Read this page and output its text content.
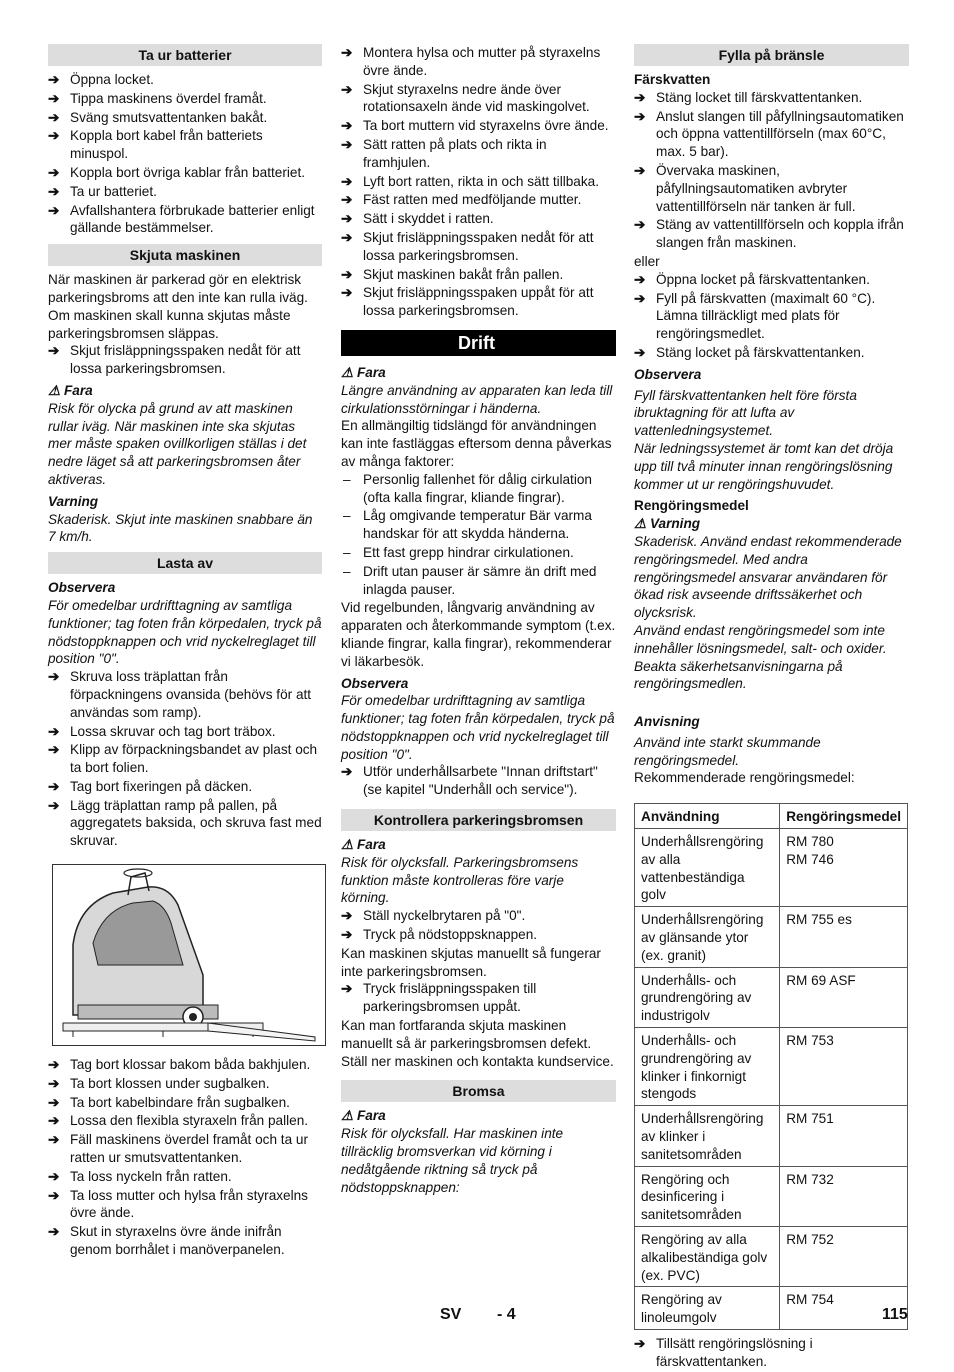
Ta ur batterier
➔ Öppna locket.
➔ Tippa maskinens överdel framåt.
➔ Sväng smutsvattentanken bakåt.
➔ Koppla bort kabel från batteriets minuspol.
➔ Koppla bort övriga kablar från batteriet.
➔ Ta ur batteriet.
➔ Avfallshantera förbrukade batterier enligt gällande bestämmelser.
Skjuta maskinen

När maskinen är parkerad gör en elektrisk parkeringsbroms att den inte kan rulla iväg. Om maskinen skall kunna skjutas måste parkeringsbromsen släppas.

➔ Skjut frisläppningsspaken nedåt för att lossa parkeringsbromsen.
⚠ Fara

Risk för olycka på grund av att maskinen rullar iväg. När maskinen inte ska skjutas mer måste spaken ovillkorligen ställas i det nedre läget så att parkeringsbromsen åter aktiveras.

Varning

Skaderisk. Skjut inte maskinen snabbare än 7 km/h.

Lasta av
Observera

För omedelbar urdrifttagning av samtliga funktioner; tag foten från körpedalen, tryck på nödstoppknappen och vrid nyckelreglaget till position "0".

➔ Skruva loss träplattan från förpackningens ovansida (behövs för att användas som ramp).
➔ Lossa skruvar och tag bort träbox.
➔ Klipp av förpackningsbandet av plast och ta bort folien.
➔ Tag bort fixeringen på däcken.
➔ Lägg träplattan ramp på pallen, på aggregatets baksida, och skruva fast med skruvar.
➔ Tag bort klossar bakom båda bakhjulen.
➔ Ta bort klossen under sugbalken.
➔ Ta bort kabelbindare från sugbalken.
➔ Lossa den flexibla styraxeln från pallen.
➔ Fäll maskinens överdel framåt och ta ur ratten ur smutsvattentanken.
➔ Ta loss nyckeln från ratten.
➔ Ta loss mutter och hylsa från styraxelns övre ände.
➔ Skut in styraxelns övre ände inifrån genom borrhålet i manöverpanelen.
➔ Montera hylsa och mutter på styraxelns övre ände.
➔ Skjut styraxelns nedre ände över rotationsaxeln ände vid maskingolvet.
➔ Ta bort muttern vid styraxelns övre ände.
➔ Sätt ratten på plats och rikta in framhjulen.
➔ Lyft bort ratten, rikta in och sätt tillbaka.
➔ Fäst ratten med medföljande mutter.
➔ Sätt i skyddet i ratten.
➔ Skjut frisläppningsspaken nedåt för att lossa parkeringsbromsen.
➔ Skjut maskinen bakåt från pallen.
➔ Skjut frisläppningsspaken uppåt för att lossa parkeringsbromsen.
Drift
⚠ Fara

Längre användning av apparaten kan leda till cirkulationsstörningar i händerna.

En allmängiltig tidslängd för användningen kan inte fastläggas eftersom denna påverkas av många faktorer:

– Personlig fallenhet för dålig cirkulation (ofta kalla fingrar, kliande fingrar).
– Låg omgivande temperatur Bär varma handskar för att skydda händerna.
– Ett fast grepp hindrar cirkulationen.
– Drift utan pauser är sämre än drift med inlagda pauser.

Vid regelbunden, långvarig användning av apparaten och återkommande symptom (t.ex. kliande fingrar, kalla fingrar), rekommenderar vi läkarbesök.

Observera

För omedelbar urdrifttagning av samtliga funktioner; tag foten från körpedalen, tryck på nödstoppknappen och vrid nyckelreglaget till position "0".

➔ Utför underhållsarbete "Innan driftstart" (se kapitel "Underhåll och service").
Kontrollera parkeringsbromsen
⚠ Fara

Risk för olycksfall. Parkeringsbromsens funktion måste kontrolleras före varje körning.

➔ Ställ nyckelbrytaren på "0".
➔ Tryck på nödstoppsknappen.

Kan maskinen skjutas manuellt så fungerar inte parkeringsbromsen.

➔ Tryck frisläppningsspaken till parkeringsbromsen uppåt.

Kan man fortfaranda skjuta maskinen manuellt så är parkeringsbromsen defekt. Ställ ner maskinen och kontakta kundservice.

Bromsa
⚠ Fara

Risk för olycksfall. Har maskinen inte tillräcklig bromsverkan vid körning i nedåtgående riktning så tryck på nödstoppsknappen:

Fylla på bränsle
Färskvatten
➔ Stäng locket till färskvattentanken.
➔ Anslut slangen till påfyllningsautomatiken och öppna vattentillförseln (max 60°C, max. 5 bar).
➔ Övervaka maskinen, påfyllningsautomatiken avbryter vattentillförseln när tanken är full.
➔ Stäng av vattentillförseln och koppla ifrån slangen från maskinen.

eller

➔ Öppna locket på färskvattentanken.
➔ Fyll på färskvatten (maximalt 60 °C). Lämna tillräckligt med plats för rengöringsmedlet.
➔ Stäng locket på färskvattentanken.
Observera

Fyll färskvattentanken helt före första ibruktagning för att lufta av vattenledningsystemet.

När ledningssystemet är tomt kan det dröja upp till två minuter innan rengöringslösning kommer ut ur rengöringshuvudet.

Rengöringsmedel
⚠ Varning

Skaderisk. Använd endast rekommenderade rengöringsmedel. Med andra rengöringsmedel ansvarar användaren för ökad risk avseende driftssäkerhet och olycksrisk.

Använd endast rengöringsmedel som inte innehåller lösningsmedel, salt- och oxider. Beakta säkerhetsanvisningarna på rengöringsmedlen.

Anvisning

Använd inte starkt skummande rengöringsmedel.

Rekommenderade rengöringsmedel:

Användning	Rengöringsmedel
Underhållsrengöring av alla vattenbeständiga golv	RM 780
RM 746
Underhållsrengöring av glänsande ytor (ex. granit)	RM 755 es
Underhålls- och grundrengöring av industrigolv	RM 69 ASF
Underhålls- och grundrengöring av klinker i finkornigt stengods	RM 753
Underhållsrengöring av klinker i sanitetsområden	RM 751
Rengöring och desinficering i sanitetsområden	RM 732
Rengöring av alla alkalibeständiga golv (ex. PVC)	RM 752
Rengöring av linoleumgolv	RM 754
➔ Tillsätt rengöringslösning i färskvattentanken.
SV - 4	115
